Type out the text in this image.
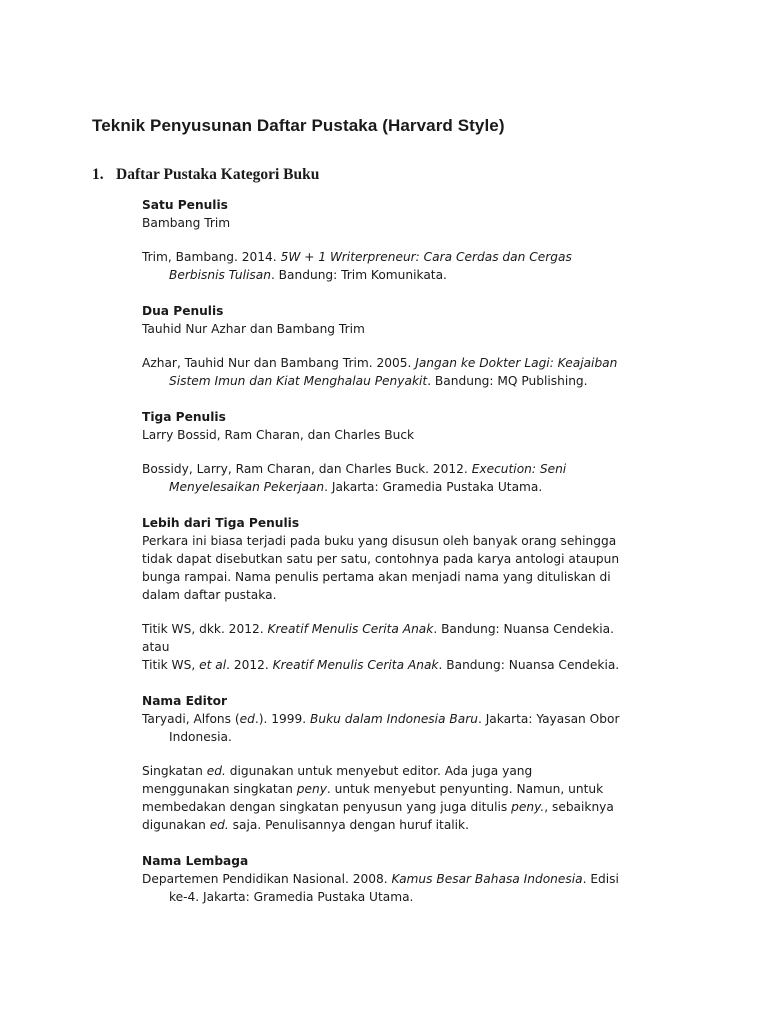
Teknik Penyusunan Daftar Pustaka (Harvard Style)
1. Daftar Pustaka Kategori Buku

Satu Penulis

Bambang Trim

Trim, Bambang. 2014. 5W + 1 Writerpreneur: Cara Cerdas dan Cergas Berbisnis Tulisan. Bandung: Trim Komunikata.

Dua Penulis

Tauhid Nur Azhar dan Bambang Trim

Azhar, Tauhid Nur dan Bambang Trim. 2005. Jangan ke Dokter Lagi: Keajaiban Sistem Imun dan Kiat Menghalau Penyakit. Bandung: MQ Publishing.

Tiga Penulis

Larry Bossid, Ram Charan, dan Charles Buck

Bossidy, Larry, Ram Charan, dan Charles Buck. 2012. Execution: Seni Menyelesaikan Pekerjaan. Jakarta: Gramedia Pustaka Utama.

Lebih dari Tiga Penulis

Perkara ini biasa terjadi pada buku yang disusun oleh banyak orang sehingga tidak dapat disebutkan satu per satu, contohnya pada karya antologi ataupun bunga rampai. Nama penulis pertama akan menjadi nama yang dituliskan di dalam daftar pustaka.

Titik WS, dkk. 2012. Kreatif Menulis Cerita Anak. Bandung: Nuansa Cendekia.

atau

Titik WS, et al. 2012. Kreatif Menulis Cerita Anak. Bandung: Nuansa Cendekia.

Nama Editor

Taryadi, Alfons (ed.). 1999. Buku dalam Indonesia Baru. Jakarta: Yayasan Obor Indonesia.

Singkatan ed. digunakan untuk menyebut editor. Ada juga yang menggunakan singkatan peny. untuk menyebut penyunting. Namun, untuk membedakan dengan singkatan penyusun yang juga ditulis peny., sebaiknya digunakan ed. saja. Penulisannya dengan huruf italik.

Nama Lembaga

Departemen Pendidikan Nasional. 2008. Kamus Besar Bahasa Indonesia. Edisi ke-4. Jakarta: Gramedia Pustaka Utama.
